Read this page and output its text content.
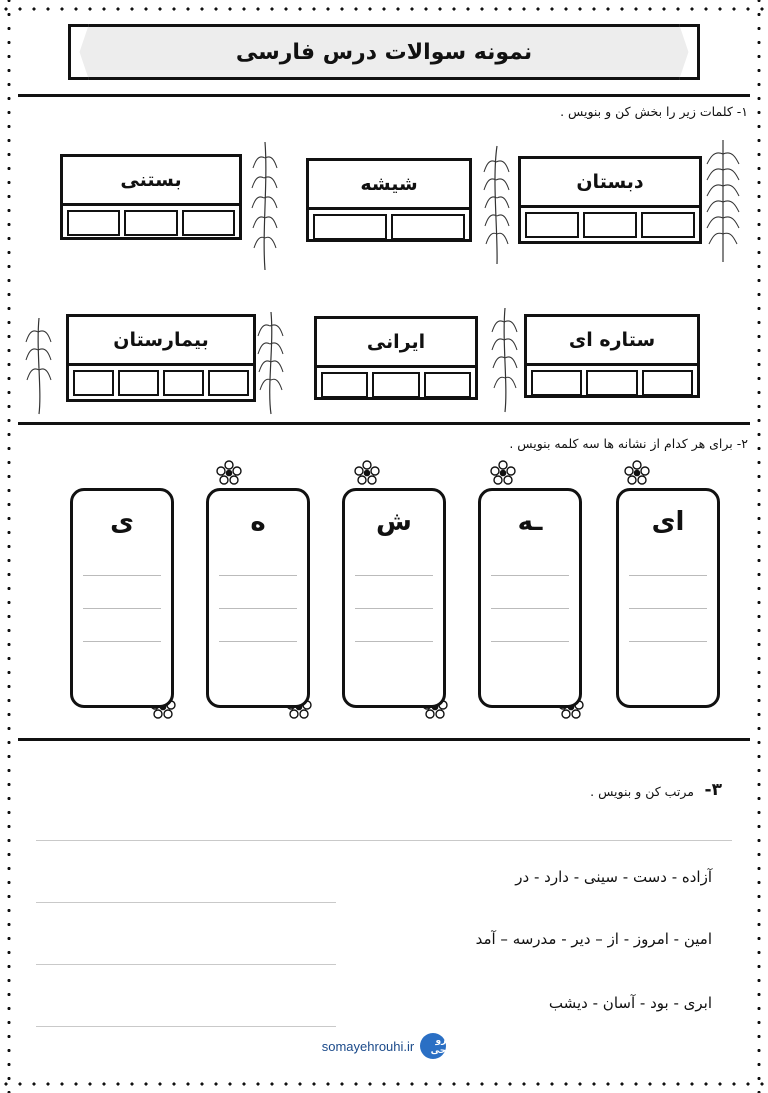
نمونه سوالات درس فارسی
۱- کلمات زیر را بخش کن و بنویس .
دبستان
شیشه
بستنی
ستاره ای
ایرانی
بیمارستان
۲- برای هر کدام از نشانه ها سه کلمه بنویس .
ای
ـه
ش
ه
ی
۳-
مرتب کن و بنویس .
آزاده - دست - سینی - دارد - در
امین - امروز - از – دیر - مدرسه – آمد
ابری - بود - آسان - دیشب
رو حی
somayehrouhi.ir
